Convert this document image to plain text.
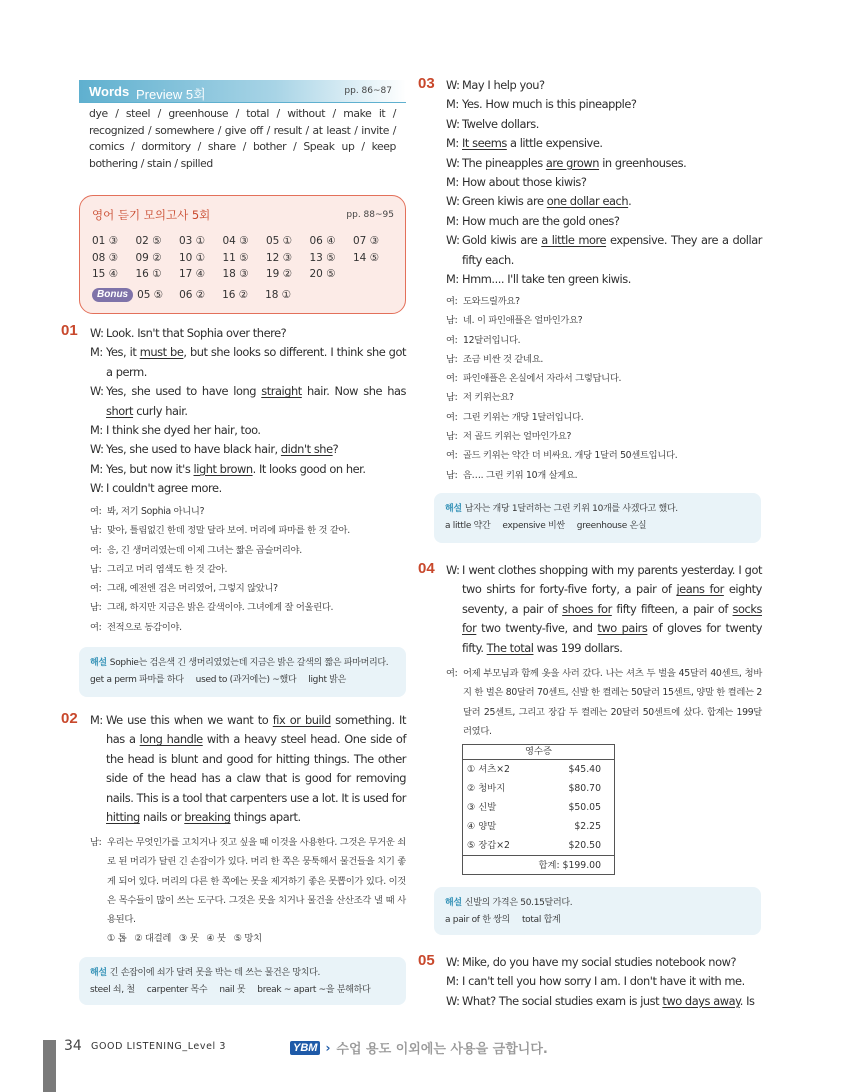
Words Preview 5회	pp. 86~87
dye / steel / greenhouse / total / without / make it / recognized / somewhere / give off / result / at least / invite / comics / dormitory / share / bother / Speak up / keep bothering / stain / spilled
영어 듣기 모의고사 5회	pp. 88~95
01 ③	02 ⑤	03 ①	04 ③	05 ①	06 ④	07 ③
08 ③	09 ②	10 ①	11 ⑤	12 ③	13 ⑤	14 ⑤
15 ④	16 ①	17 ④	18 ③	19 ②	20 ⑤
Bonus 05 ⑤	06 ②	16 ②	18 ①
01 W: Look. Isn't that Sophia over there?
M: Yes, it must be, but she looks so different. I think she got a perm.
W: Yes, she used to have long straight hair. Now she has short curly hair.
M: I think she dyed her hair, too.
W: Yes, she used to have black hair, didn't she?
M: Yes, but now it's light brown. It looks good on her.
W: I couldn't agree more.
여: 봐, 저기 Sophia 아니니?
남: 맞아, 틀림없긴 한데 정말 달라 보여. 머리에 파마를 한 것 같아.
여: 응, 긴 생머리였는데 이제 그녀는 짧은 곱슬머리야.
남: 그리고 머리 염색도 한 것 같아.
여: 그래, 예전엔 검은 머리였어, 그렇지 않았니?
남: 그래, 하지만 지금은 밝은 갈색이야. 그녀에게 잘 어울린다.
여: 전적으로 동감이야.
해설 Sophie는 검은색 긴 생머리였었는데 지금은 밝은 갈색의 짧은 파마머리다.
get a perm 파마를 하다 used to (과거에는) ~했다 light 밝은
02 M: We use this when we want to fix or build something. It has a long handle with a heavy steel head. One side of the head is blunt and good for hitting things. The other side of the head has a claw that is good for removing nails. This is a tool that carpenters use a lot. It is used for hitting nails or breaking things apart.
남: 우리는 무엇인가를 고치거나 짓고 싶을 때 이것을 사용한다. 그것은 무거운 쇠로 된 머리가 달린 긴 손잡이가 있다. 머리 한 쪽은 뭉툭해서 물건들을 치기 좋게 되어 있다. 머리의 다른 한 쪽에는 못을 제거하기 좋은 못뽑이가 있다. 이것은 목수들이 많이 쓰는 도구다. 그것은 못을 치거나 물건을 산산조각 낼 때 사용된다.
① 톱   ② 대걸레   ③ 못   ④ 붓   ⑤ 망치
해설 긴 손잡이에 쇠가 달려 못을 박는 데 쓰는 물건은 망치다.
steel 쇠, 철 carpenter 목수 nail 못 break ~ apart ~을 분해하다
03 W: May I help you?
M: Yes. How much is this pineapple?
W: Twelve dollars.
M: It seems a little expensive.
W: The pineapples are grown in greenhouses.
M: How about those kiwis?
W: Green kiwis are one dollar each.
M: How much are the gold ones?
W: Gold kiwis are a little more expensive. They are a dollar fifty each.
M: Hmm.... I'll take ten green kiwis.
여: 도와드릴까요?
남: 네. 이 파인애플은 얼마인가요?
여: 12달러입니다.
남: 조금 비싼 것 같네요.
여: 파인애플은 온실에서 자라서 그렇답니다.
남: 저 키위는요?
여: 그린 키위는 개당 1달러입니다.
남: 저 골드 키위는 얼마인가요?
여: 골드 키위는 약간 더 비싸요. 개당 1달러 50센트입니다.
남: 음…. 그린 키위 10개 살게요.
해설 남자는 개당 1달러하는 그린 키위 10개를 사겠다고 했다.
a little 약간 expensive 비싼 greenhouse 온실
04 W: I went clothes shopping with my parents yesterday. I got two shirts for forty-five forty, a pair of jeans for eighty seventy, a pair of shoes for fifty fifteen, a pair of socks for two twenty-five, and two pairs of gloves for twenty fifty. The total was 199 dollars.
여: 어제 부모님과 함께 옷을 사러 갔다. 나는 셔츠 두 벌을 45달러 40센트, 청바지 한 벌은 80달러 70센트, 신발 한 켤레는 50달러 15센트, 양말 한 켤레는 2달러 25센트, 그리고 장갑 두 켤레는 20달러 50센트에 샀다. 합계는 199달러였다.
영수증
① 셔츠×2	$45.40
② 청바지	$80.70
③ 신발	$50.05
④ 양말	$2.25
⑤ 장갑×2	$20.50
합계: $199.00
해설 신발의 가격은 50.15달러다.
a pair of 한 쌍의 total 합계
05 W: Mike, do you have my social studies notebook now?
M: I can't tell you how sorry I am. I don't have it with me.
W: What? The social studies exam is just two days away. Is
34 GOOD LISTENING_Level 3	YBM › 수업 용도 이외에는 사용을 금합니다.
